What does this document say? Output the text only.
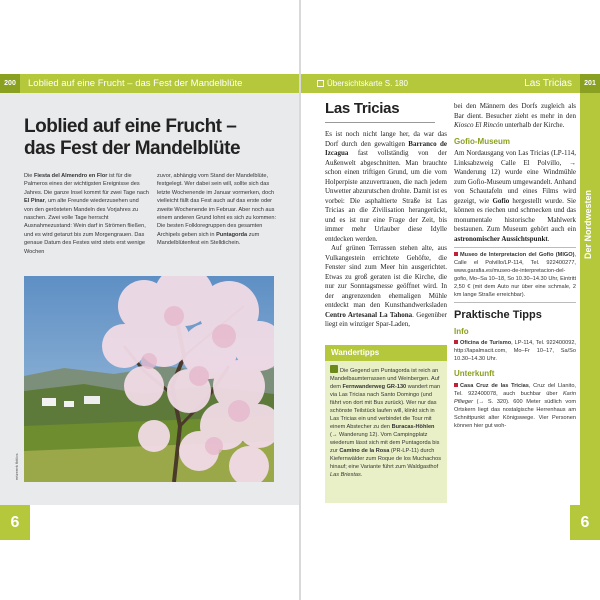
200	Loblied auf eine Frucht – das Fest der Mandelblüte
Loblied auf eine Frucht –
das Fest der Mandelblüte
Die Fiesta del Almendro en Flor ist für die Palmeros eines der wichtigsten Ereignisse des Jahres. Die ganze Insel kommt für zwei Tage nach El Pinar, um alte Freunde wiederzusehen und von den gerösteten Mandeln des Vorjahres zu naschen. Zwei volle Tage herrscht Ausnahmezustand: Wein darf in Strömen fließen, und es wird getanzt bis zum Morgengrauen. Das genaue Datum des Festes wird stets erst wenige Wochen
zuvor, abhängig vom Stand der Mandelblüte, festgelegt. Wer dabei sein will, sollte sich das letzte Wochenende im Januar vormerken, doch vielleicht fällt das Fest auch auf das erste oder zweite Wochenende im Februar. Aber noch aus einem anderen Grund lohnt es sich zu kommen: Die besten Folkloregruppen des gesamten Archipels geben sich in Puntagorda zum Mandelblütenfest ein Stelldichein.
ertzerrrk fbitIcs
6
Übersichtskarte S. 180	Las Tricias	201
Der Nordwesten
Las Tricias

Es ist noch nicht lange her, da war das Dorf durch den gewaltigen Barranco de Izcagua fast vollständig von der Außenwelt abgeschnitten. Man brauchte schon einen triftigen Grund, um die vom Holperpiste anzuvertrauen, die nach jedem Unwetter abzurutschen drohte. Damit ist es vorbei: Die asphaltierte Straße ist Las Tricias an die Zivilisation herangerückt, und es ist nur eine Frage der Zeit, bis immer mehr Urlauber diese Idylle entdecken werden.

Auf grünen Terrassen stehen alte, aus Vulkangestein errichtete Gehöfte, die Fenster sind zum Meer hin ausgerichtet. Etwas zu groß geraten ist die Kirche, die nur zur Sonntagsmesse geöffnet wird. In der angrenzenden ehemaligen Mühle entdeckt man den Kunsthandwerksladen Centro Artesanal La Tahona. Gegenüber liegt ein winziger Spar-Laden,

Wandertipps
Die Gegend um Puntagorda ist reich an Mandelbaumterrassen und Weinbergen. Auf dem Fernwanderweg GR-130 wandert man via Las Tricias nach Santo Domingo (und fährt von dort mit Bus zurück). Wer nur das schönste Teilstück laufen will, klinkt sich in Las Tricias ein und verbindet die Tour mit einem Abstecher zu den Buracas-Höhlen (→ Wanderung 12). Vom Campingplatz wiederum lässt sich mit dem Puntagorda bis zur Camino de la Rosa (PR-LP-11) durch Kiefernwälder zum Roque de los Muchachos hinauf; eine Variante führt zum Waldgasthof Las Briestas.

bei den Männern des Dorfs zugleich als Bar dient. Besucher zieht es mehr in den Kiosco El Rincón unterhalb der Kirche.

Gofio-Museum

Am Nordausgang von Las Tricias (LP-114, Linksabzweig Calle El Polvillo, → Wanderung 12) wurde eine Windmühle zum Gofio-Museum umgewandelt. Anhand von Schautafeln und eines Films wird gezeigt, wie Gofio hergestellt wurde. Sie können es riechen und schmecken und das monumentale historische Mahlwerk bestaunen. Zum Museum gehört auch ein astronomischer Aussichtspunkt.

Museo de Interpretacion del Gofio (MIGO), Calle el Polvillo/LP-114, Tel. 922400277, www.garafia.es/museo-de-interpretacion-del-gofio, Mo–Sa 10–18, So 10.30–14.30 Uhr, Eintritt 2,50 € (mit dem Auto nur über eine schmale, 2 km lange Straße erreichbar).
Praktische Tipps
Info
Oficina de Turismo, LP-114, Tel. 922400092, http://lapalmacit.com, Mo–Fr 10–17, Sa/So 10.30–14.30 Uhr.
Unterkunft
Casa Cruz de las Tricias, Cruz del Llanito, Tel. 922400078, auch buchbar über Karin Pflieger (→ S. 320). 600 Meter südlich vom Ortskern liegt das nostalgische Herrenhaus am Schnittpunkt alter Königswege. Vier Personen können hier gut woh-
6
